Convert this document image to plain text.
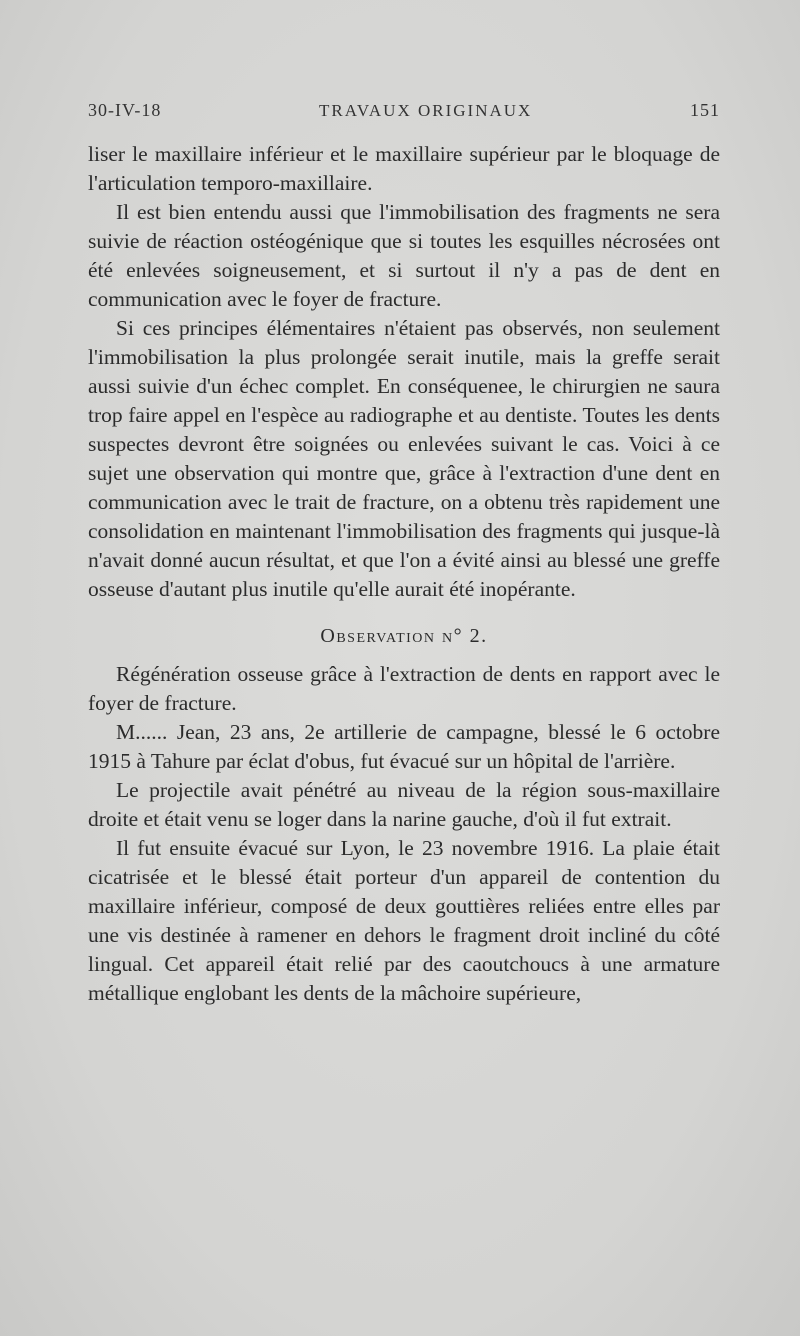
30-IV-18	TRAVAUX ORIGINAUX	151

liser le maxillaire inférieur et le maxillaire supérieur par le bloquage de l'articulation temporo-maxillaire.

Il est bien entendu aussi que l'immobilisation des fragments ne sera suivie de réaction ostéogénique que si toutes les esquilles nécrosées ont été enlevées soigneusement, et si surtout il n'y a pas de dent en communication avec le foyer de fracture.

Si ces principes élémentaires n'étaient pas observés, non seulement l'immobilisation la plus prolongée serait inutile, mais la greffe serait aussi suivie d'un échec complet. En conséquenee, le chirurgien ne saura trop faire appel en l'espèce au radiographe et au dentiste. Toutes les dents suspectes devront être soignées ou enlevées suivant le cas. Voici à ce sujet une observation qui montre que, grâce à l'extraction d'une dent en communication avec le trait de fracture, on a obtenu très rapidement une consolidation en maintenant l'immobilisation des fragments qui jusque-là n'avait donné aucun résultat, et que l'on a évité ainsi au blessé une greffe osseuse d'autant plus inutile qu'elle aurait été inopérante.

Observation n° 2.

Régénération osseuse grâce à l'extraction de dents en rapport avec le foyer de fracture.

M...... Jean, 23 ans, 2e artillerie de campagne, blessé le 6 octobre 1915 à Tahure par éclat d'obus, fut évacué sur un hôpital de l'arrière.

Le projectile avait pénétré au niveau de la région sous-maxillaire droite et était venu se loger dans la narine gauche, d'où il fut extrait.

Il fut ensuite évacué sur Lyon, le 23 novembre 1916. La plaie était cicatrisée et le blessé était porteur d'un appareil de contention du maxillaire inférieur, composé de deux gouttières reliées entre elles par une vis destinée à ramener en dehors le fragment droit incliné du côté lingual. Cet appareil était relié par des caoutchoucs à une armature métallique englobant les dents de la mâchoire supérieure,
